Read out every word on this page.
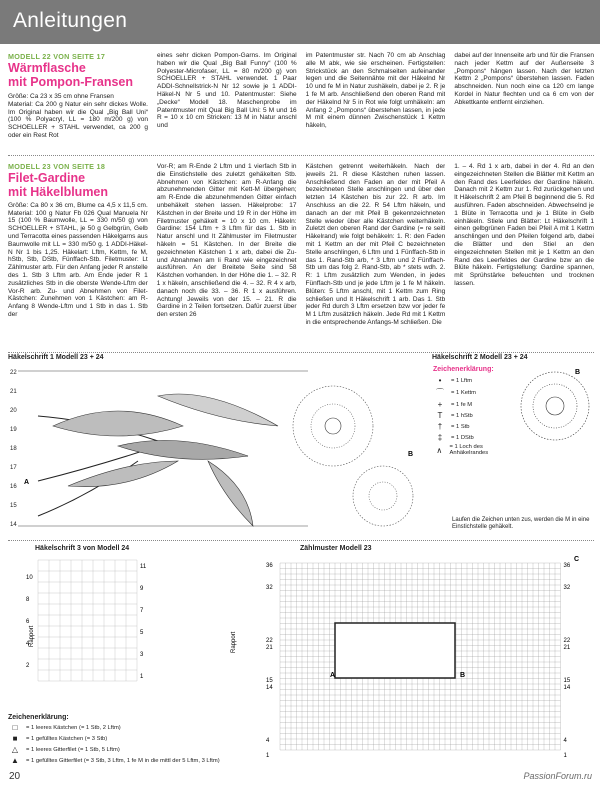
Anleitungen
MODELL 22 VON SEITE 17
Wärmflasche
mit Pompon-Fransen

Größe: Ca 23 x 35 cm ohne Fransen

Material: Ca 200 g Natur ein sehr dickes Wolle. Im Original haben wir die Qual „Big Ball Uni“ (100 % Polyacryl, LL = 180 m/200 g) von SCHOELLER + STAHL verwendet, ca 200 g oder ein Rest Rot

eines sehr dicken Pompon-Garns. Im Original haben wir die Qual „Big Ball Funny“ (100 % Polyester-Microfaser, LL = 80 m/200 g) von SCHOELLER + STAHL verwendet. 1 Paar ADDI-Schnellstrick-N Nr 12 sowie je 1 ADDI-Häkel-N Nr 5 und 10. Patentmuster: Siehe „Decke“ Modell 18. Maschenprobe im Patentmuster mit Qual Big Ball Uni: 5 M und 16 R = 10 x 10 cm Stricken: 13 M in Natur anschl und
im Patentmuster str. Nach 70 cm ab Anschlag alle M abk, wie sie erscheinen. Fertigstellen: Strickstück an den Schmalseiten aufeinander legen und die Seitennähte mit der Häkelnd Nr 10 und fe M in Natur zushäkeln, dabei je 2. R je 1 fe M arb. Anschließend den oberen Rand mit der Häkelnd Nr 5 in Rot wie folgt umhäkeln: am Anfang 2 „Pompons“ überstehen lassen, in jede M mit einem dünnen Zwischenstück 1 Kettm häkeln,
dabei auf der Innenseite arb und für die Fransen nach jeder Kettm auf der Außenseite 3 „Pompons“ hängen lassen. Nach der letzten Kettm 2 „Pompons“ überstehen lassen. Faden abschneiden. Nun noch eine ca 120 cm lange Kordel in Natur flechten und ca 6 cm von der Abkettkante entfernt einziehen.
MODELL 23 VON SEITE 18
Filet-Gardine
mit Häkelblumen

Größe: Ca 80 x 36 cm, Blume ca 4,5 x 11,5 cm. Material: 100 g Natur Fb 026 Qual Manuela Nr 15 (100 % Baumwolle, LL = 330 m/50 g) von SCHOELLER + STAHL, je 50 g Gelbgrün, Gelb und Terracotta eines passenden Häkelgarns aus Baumwolle mit LL = 330 m/50 g. 1 ADDI-Häkel-N Nr 1 bis 1,25. Häkelart: Lftm, Kettm, fe M, hStb, Stb, DStb, Fünffach-Stb. Filetmuster: Lt Zählmuster arb. Für den Anfang jeder R anstelle des 1. Stb 3 Lftm arb. Am Ende jeder R 1 zusätzliches Stb in die oberste Wende-Lftm der Vor-R arb. Zu- und Abnehmen von Filet-Kästchen: Zunehmen von 1 Kästchen: am R-Anfang 8 Wende-Lftm und 1 Stb in das 1. Stb der

Vor-R; am R-Ende 2 Lftm und 1 vierfach Stb in die Einstichstelle des zuletzt gehäkelten Stb. Abnehmen von Kästchen: am R-Anfang die abzunehmenden Gitter mit Kett-M übergehen; am R-Ende die abzunehmenden Gitter einfach unbehäkelt stehen lassen. Häkelprobe: 17 Kästchen in der Breite und 19 R in der Höhe im Filetmuster gehäkelt = 10 x 10 cm. Häkeln: Gardine: 154 Lftm + 3 Lftm für das 1. Stb in Natur anschl und lt Zählmuster im Filetmuster häkeln = 51 Kästchen. In der Breite die gezeichneten Kästchen 1 x arb, dabei die Zu- und Abnahmen am li Rand wie eingezeichnet ausführen. An der Breitete Seite sind 58 Kästchen vorhanden. In der Höhe die 1. – 32. R 1 x häkeln, anschließend die 4. – 32. R 4 x arb, danach noch die 33. – 36. R 1 x ausführen. Achtung! Jeweils von der 15. – 21. R die Gardine in 2 Teilen fortsetzen. Dafür zuerst über den ersten 26
Kästchen getrennt weiterhäkeln. Nach der jeweils 21. R diese Kästchen ruhen lassen. Anschließend den Faden an der mit Pfeil A bezeichneten Stelle anschlingen und über den letzten 14 Kästchen bis zur 22. R arb. Im Anschluss an die 22. R 54 Lftm häkeln, und danach an der mit Pfeil B gekennzeichneten Stelle wieder über alle Kästchen weiterhäkeln. Zuletzt den oberen Rand der Gardine (= re seitl Häkelrand) wie folgt behäkeln: 1. R: den Faden mit 1 Kettm an der mit Pfeil C bezeichneten Stelle anschlingen, 6 Lftm und 1 Fünffach-Stb in das 1. Rand-Stb arb, * 3 Lftm und 2 Fünffach-Stb um das folg 2. Rand-Stb, ab * stets wdh. 2. R: 1 Lftm zusätzlich zum Wenden, in jedes Fünffach-Stb und je jede Lftm je 1 fe M häkeln. Blüten: 5 Lftm anschl, mit 1 Kettm zum Ring schließen und lt Häkelschrift 1 arb. Das 1. Stb jeder Rd durch 3 Lftm ersetzen bzw vor jeder fe M 1 Lftm zusätzlich häkeln. Jede Rd mit 1 Kettm in die entsprechende Anfangs-M schließen. Die
1. – 4. Rd 1 x arb, dabei in der 4. Rd an den eingezeichneten Stellen die Blätter mit Kettm an den Rand des Leerfeldes der Gardine häkeln. Danach mit 2 Kettm zur 1. Rd zurückgehen und lt Häkelschrift 2 am Pfeil B beginnend die 5. Rd ausführen. Faden abschneiden. Abwechselnd je 1 Blüte in Terracotta und je 1 Blüte in Gelb einhäkeln. Stiele und Blätter: Lt Häkelschrift 1 einen gelbgrünen Faden bei Pfeil A mit 1 Kettm anschlingen und den Pfeilen folgend arb, dabei die Blätter und den Stiel an den eingezeichneten Stellen mit je 1 Kettm an den Rand des Leerfeldes der Gardine bzw an die Blüte häkeln. Fertigstellung: Gardine spannen, mit Sprühstärke befeuchten und trocknen lassen.
Häkelschrift 1 Modell 23 + 24
22
21
20
19
18
17
16
15
14
A
B
Häkelschrift 2 Modell 23 + 24
Zeichenerklärung:
•	= 1 Lftm
⌒	= 1 Kettm
+	= 1 fe M
T	= 1 hStb
†	= 1 Stb
‡	= 1 DStb
∧	= 1 Loch des Anhäkelrandes
B
Laufen die Zeichen unten zus, werden die M in eine Einstichstelle gehäkelt.
Häkelschrift 3 von Modell 24
11
9
7
5
3
1
10
8
6
4
2
Rapport
Zählmuster Modell 23
36
32
22
21
15
14
4
1
36
32
22
21
15
14
4
1
Rapport
A	B
C
Zeichenerklärung:
□	= 1 leeres Kästchen (= 1 Stb, 2 Lftm)
■	= 1 gefülltes Kästchen (= 3 Stb)
△	= 1 leeres Gitterfilet (= 1 Stb, 5 Lftm)
▲	= 1 gefülltes Gitterfilet (= 3 Stb, 3 Lftm, 1 fe M in die mittl der 5 Lftm, 3 Lftm)
20	PassionForum.ru
